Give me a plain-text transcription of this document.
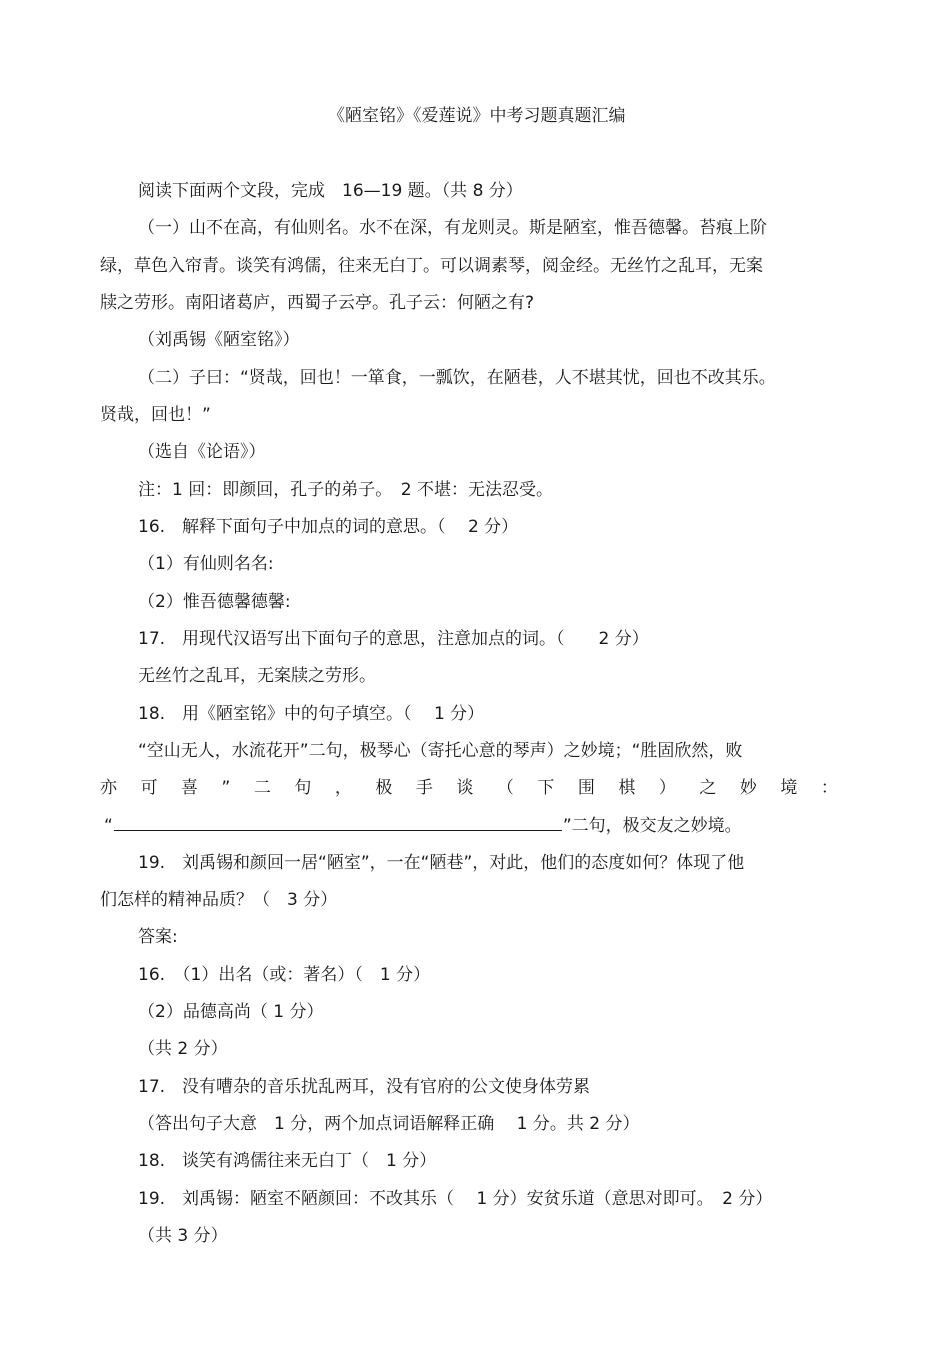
《陋室铭》《爱莲说》中考习题真题汇编
阅读下面两个文段，完成　16—19 题。（共 8 分）
（一）山不在高，有仙则名。水不在深，有龙则灵。斯是陋室，惟吾德馨。苔痕上阶
绿，草色入帘青。谈笑有鸿儒，往来无白丁。可以调素琴，阅金经。无丝竹之乱耳，无案
牍之劳形。南阳诸葛庐，西蜀子云亭。孔子云：何陋之有?
（刘禹锡《陋室铭》）
（二）子曰：“贤哉，回也！一箪食，一瓢饮，在陋巷，人不堪其忧，回也不改其乐。
贤哉，回也！”
（选自《论语》）
注：1 回：即颜回，孔子的弟子。　2 不堪：无法忍受。
16.　解释下面句子中加点的词的意思。（　 2 分）
（1）有仙则名名:
（2）惟吾德馨德馨:
17.　用现代汉语写出下面句子的意思，注意加点的词。（　　2 分）
无丝竹之乱耳，无案牍之劳形。
18.　用《陋室铭》中的句子填空。（　 1 分）
“空山无人，水流花开”二句，极琴心（寄托心意的琴声）之妙境；“胜固欣然，败
亦 可 喜 ” 二 句 ， 极 手 谈 （ 下 围 棋 ） 之 妙 境 ：
“	”二句，极交友之妙境。
19.　刘禹锡和颜回一居“陋室”，一在“陋巷”，对此，他们的态度如何？体现了他
们怎样的精神品质？（　3 分）
答案:
16.　（1）出名（或：著名）（　1 分）
（2）品德高尚（ 1 分）
（共 2 分）
17.　没有嘈杂的音乐扰乱两耳，没有官府的公文使身体劳累
（答出句子大意　1 分，两个加点词语解释正确　 1 分。共 2 分）
18.　谈笑有鸿儒往来无白丁（　1 分）
19.　刘禹锡：陋室不陋颜回：不改其乐（　 1 分）安贫乐道（意思对即可。　2 分）
（共 3 分）
